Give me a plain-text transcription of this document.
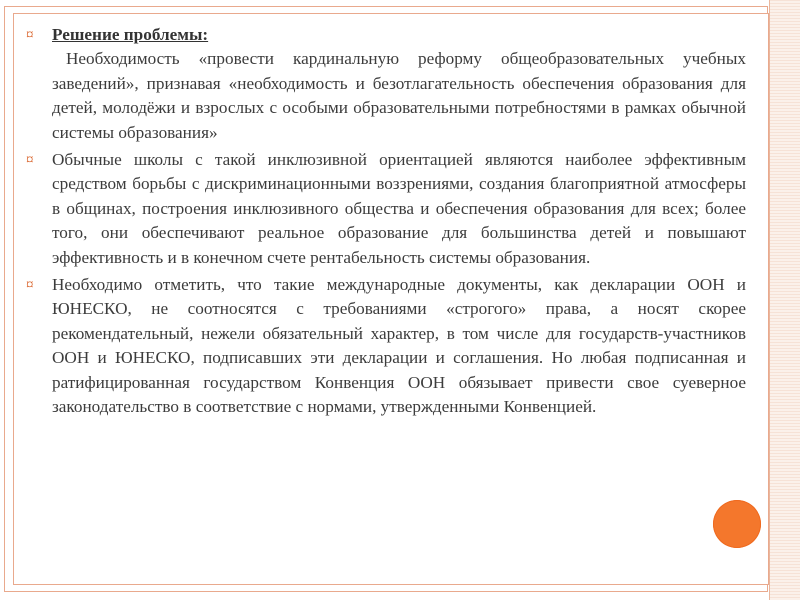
¤ Решение проблемы:
Необходимость «провести кардинальную реформу общеобразовательных учебных заведений», признавая «необходимость и безотлагательность обеспечения образования для детей, молодёжи и взрослых с особыми образовательными потребностями в рамках обычной системы образования»
¤ Обычные школы с такой инклюзивной ориентацией являются наиболее эффективным средством борьбы с дискриминационными воззрениями, создания благоприятной атмосферы в общинах, построения инклюзивного общества и обеспечения образования для всех; более того, они обеспечивают реальное образование для большинства детей и повышают эффективность и в конечном счете рентабельность системы образования.
¤ Необходимо отметить, что такие международные документы, как декларации ООН и ЮНЕСКО, не соотносятся с требованиями «строгого» права, а носят скорее рекомендательный, нежели обязательный характер, в том числе для государств-участников ООН и ЮНЕСКО, подписавших эти декларации и соглашения. Но любая подписанная и ратифицированная государством Конвенция ООН обязывает привести свое суеверное законодательство в соответствие с нормами, утвержденными Конвенцией.
